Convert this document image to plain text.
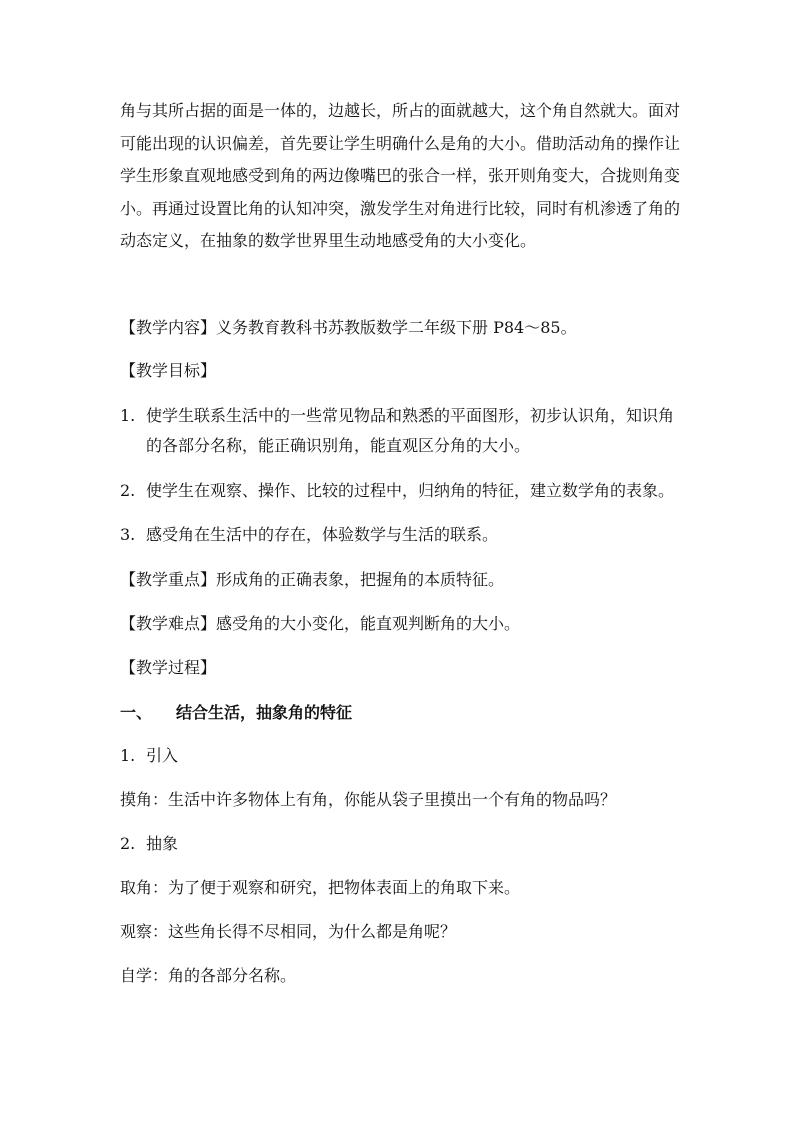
角与其所占据的面是一体的，边越长，所占的面就越大，这个角自然就大。面对可能出现的认识偏差，首先要让学生明确什么是角的大小。借助活动角的操作让学生形象直观地感受到角的两边像嘴巴的张合一样，张开则角变大，合拢则角变小。再通过设置比角的认知冲突，激发学生对角进行比较，同时有机渗透了角的动态定义，在抽象的数学世界里生动地感受角的大小变化。

【教学内容】义务教育教科书苏教版数学二年级下册 P84～85。

【教学目标】

1. 使学生联系生活中的一些常见物品和熟悉的平面图形，初步认识角，知识角
的各部分名称，能正确识别角，能直观区分角的大小。
2. 使学生在观察、操作、比较的过程中，归纳角的特征，建立数学角的表象。
3. 感受角在生活中的存在，体验数学与生活的联系。

【教学重点】形成角的正确表象，把握角的本质特征。

【教学难点】感受角的大小变化，能直观判断角的大小。

【教学过程】

一、 结合生活，抽象角的特征

1. 引入

摸角：生活中许多物体上有角，你能从袋子里摸出一个有角的物品吗？

2. 抽象

取角：为了便于观察和研究，把物体表面上的角取下来。

观察：这些角长得不尽相同，为什么都是角呢？

自学：角的各部分名称。
